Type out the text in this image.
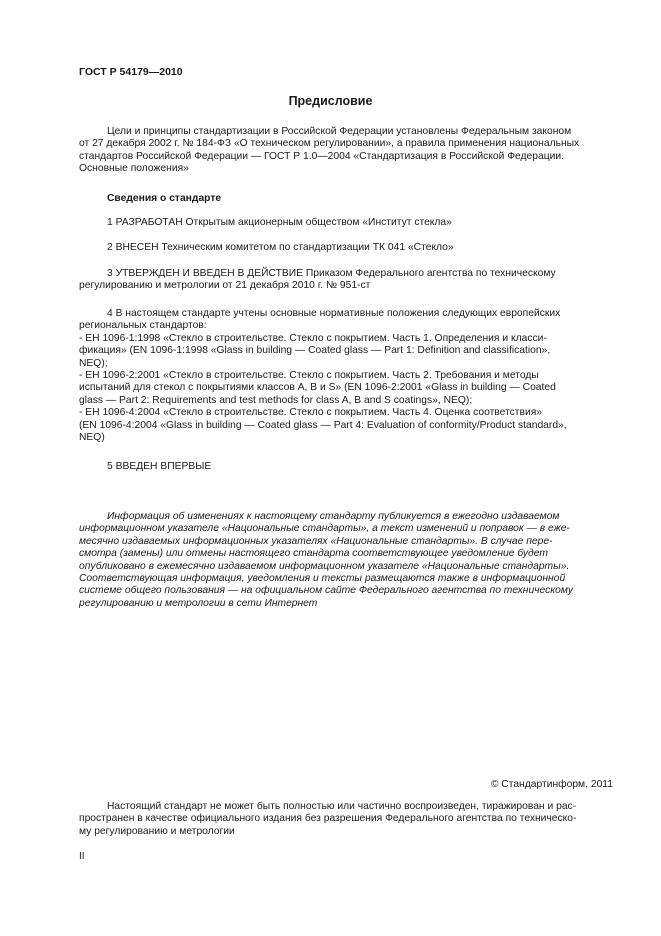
ГОСТ Р 54179—2010
Предисловие
Цели и принципы стандартизации в Российской Федерации установлены Федеральным законом
от 27 декабря 2002 г. № 184-ФЗ «О техническом регулировании», а правила применения национальных
стандартов Российской Федерации — ГОСТ Р 1.0—2004 «Стандартизация в Российской Федерации.
Основные положения»
Сведения о стандарте
1 РАЗРАБОТАН Открытым акционерным обществом «Институт стекла»
2 ВНЕСЕН Техническим комитетом по стандартизации ТК 041 «Стекло»
3 УТВЕРЖДЕН И ВВЕДЕН В ДЕЙСТВИЕ Приказом Федерального агентства по техническому
регулированию и метрологии от 21 декабря 2010 г. № 951-ст
4 В настоящем стандарте учтены основные нормативные положения следующих европейских
региональных стандартов:
- ЕН 1096-1:1998 «Стекло в строительстве. Стекло с покрытием. Часть 1. Определения и класси-
фикация» (EN 1096-1:1998 «Glass in building — Coated glass — Part 1: Definition and classification»,
NEQ);
- ЕН 1096-2:2001 «Стекло в строительстве. Стекло с покрытием. Часть 2. Требования и методы
испытаний для стекол с покрытиями классов А, В и S» (EN 1096-2:2001 «Glass in building — Coated
glass — Part 2: Requirements and test methods for class A, B and S coatings», NEQ);
- ЕН 1096-4:2004 «Стекло в строительстве. Стекло с покрытием. Часть 4. Оценка соответствия»
(EN 1096-4:2004 «Glass in building — Coated glass — Part 4: Evaluation of conformity/Product standard»,
NEQ)
5 ВВЕДЕН ВПЕРВЫЕ
Информация об изменениях к настоящему стандарту публикуется в ежегодно издаваемом
информационном указателе «Национальные стандарты», а текст изменений и поправок — в еже-
месячно издаваемых информационных указателях «Национальные стандарты». В случае пере-
смотра (замены) или отмены настоящего стандарта соответствующее уведомление будет
опубликовано в ежемесячно издаваемом информационном указателе «Национальные стандарты».
Соответствующая информация, уведомления и тексты размещаются также в информационной
системе общего пользования — на официальном сайте Федерального агентства по техническому
регулированию и метрологии в сети Интернет
© Стандартинформ, 2011
Настоящий стандарт не может быть полностью или частично воспроизведен, тиражирован и рас-
пространен в качестве официального издания без разрешения Федерального агентства по техническо-
му регулированию и метрологии
II
